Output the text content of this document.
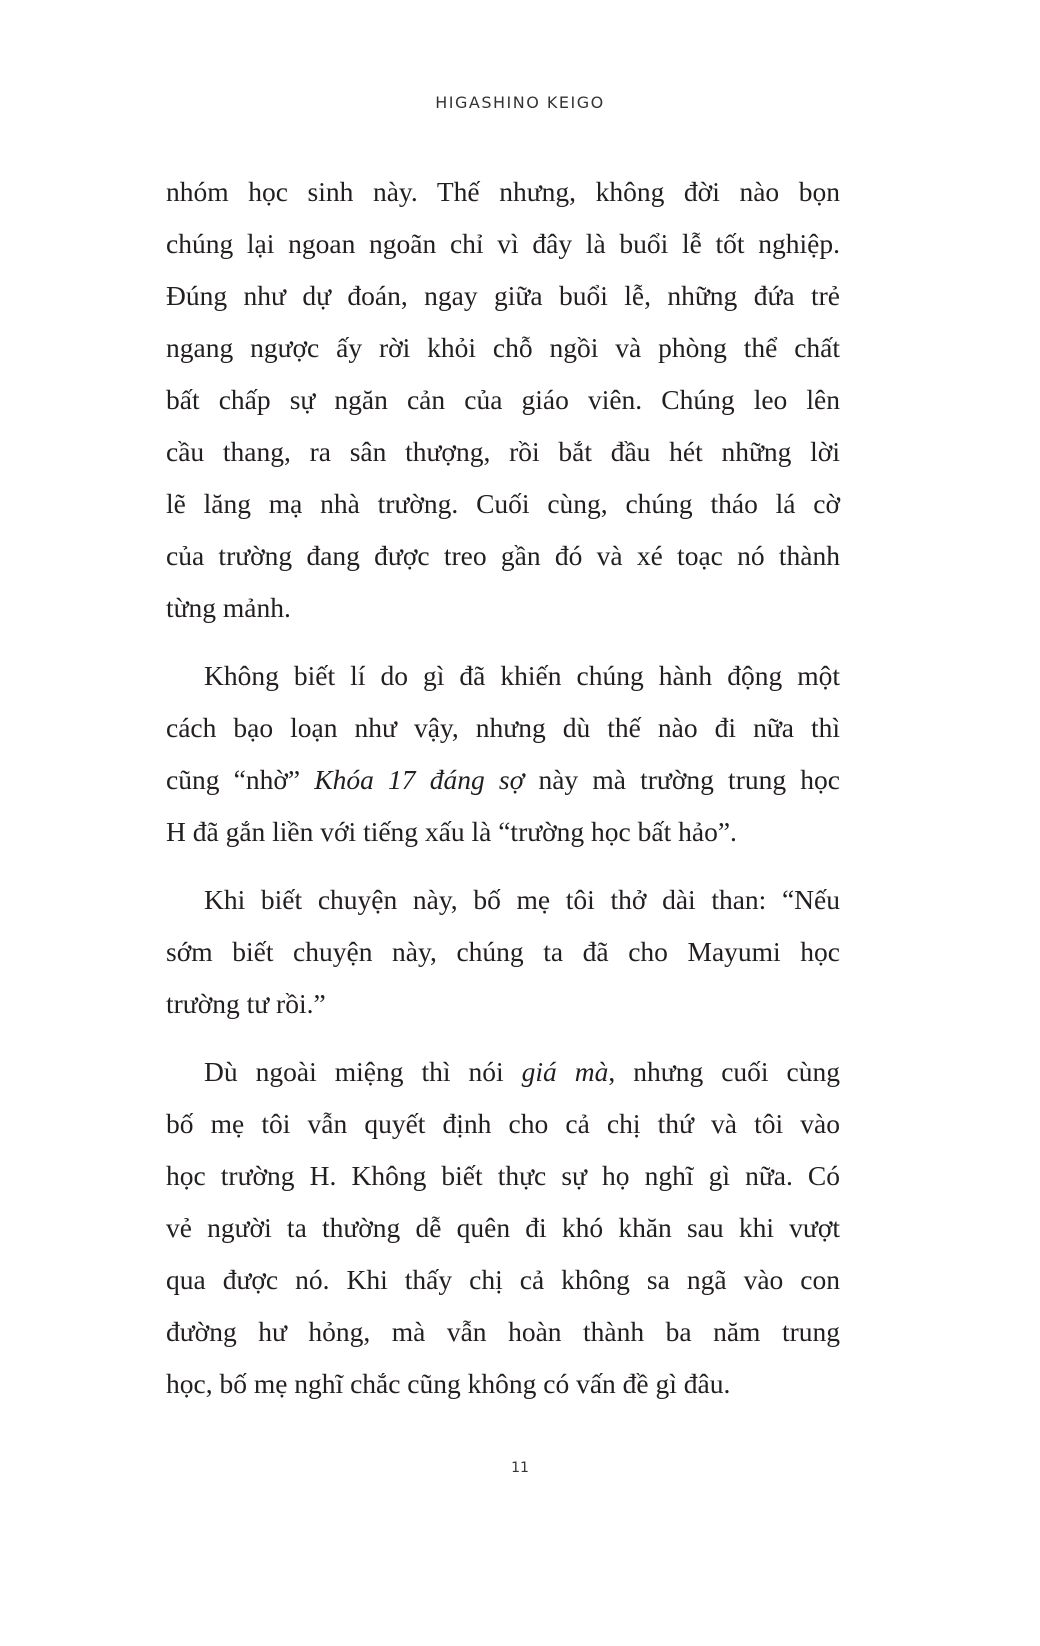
HIGASHINO KEIGO
nhóm học sinh này. Thế nhưng, không đời nào bọn
chúng lại ngoan ngoãn chỉ vì đây là buổi lễ tốt nghiệp.
Đúng như dự đoán, ngay giữa buổi lễ, những đứa trẻ
ngang ngược ấy rời khỏi chỗ ngồi và phòng thể chất
bất chấp sự ngăn cản của giáo viên. Chúng leo lên
cầu thang, ra sân thượng, rồi bắt đầu hét những lời
lẽ lăng mạ nhà trường. Cuối cùng, chúng tháo lá cờ
của trường đang được treo gần đó và xé toạc nó thành
từng mảnh.
Không biết lí do gì đã khiến chúng hành động một
cách bạo loạn như vậy, nhưng dù thế nào đi nữa thì
cũng “nhờ” Khóa 17 đáng sợ này mà trường trung học
H đã gắn liền với tiếng xấu là “trường học bất hảo”.
Khi biết chuyện này, bố mẹ tôi thở dài than: “Nếu
sớm biết chuyện này, chúng ta đã cho Mayumi học
trường tư rồi.”
Dù ngoài miệng thì nói giá mà, nhưng cuối cùng
bố mẹ tôi vẫn quyết định cho cả chị thứ và tôi vào
học trường H. Không biết thực sự họ nghĩ gì nữa. Có
vẻ người ta thường dễ quên đi khó khăn sau khi vượt
qua được nó. Khi thấy chị cả không sa ngã vào con
đường hư hỏng, mà vẫn hoàn thành ba năm trung
học, bố mẹ nghĩ chắc cũng không có vấn đề gì đâu.
11
